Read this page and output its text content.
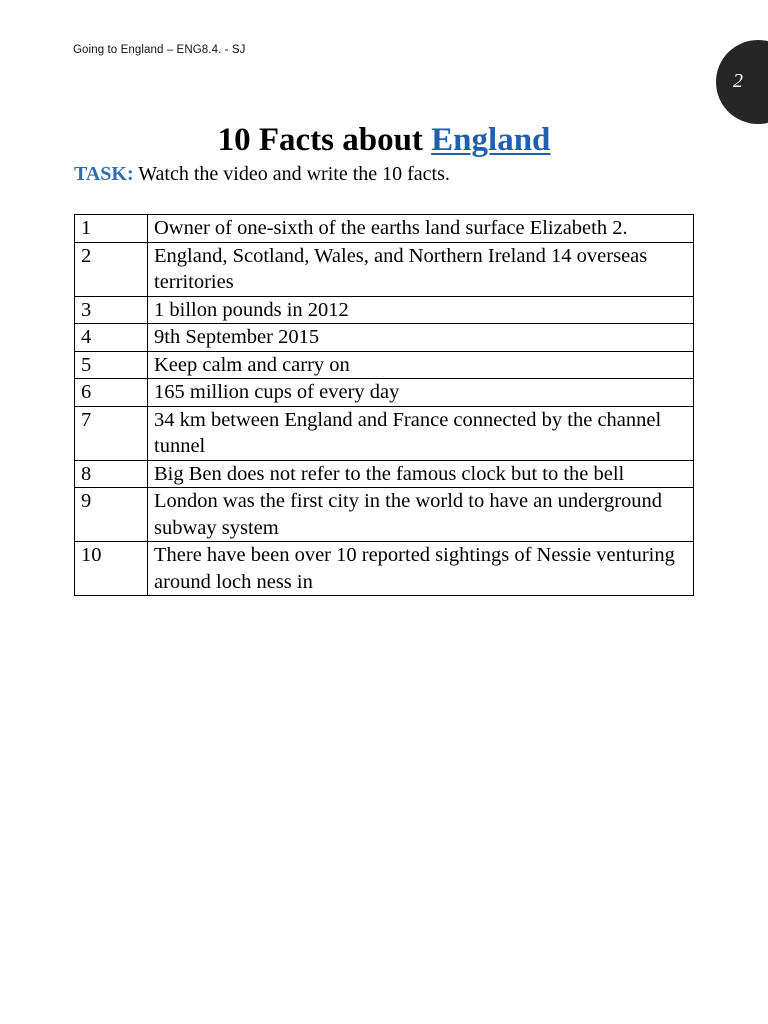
Going to England – ENG8.4. - SJ
2
10 Facts about England
TASK: Watch the video and write the 10 facts.
1	Owner of one-sixth of the earths land surface Elizabeth 2.
2	England, Scotland, Wales, and Northern Ireland 14 overseas territories
3	1 billon pounds in 2012
4	9th September 2015
5	Keep calm and carry on
6	165 million cups of every day
7	34 km between England and France connected by the channel tunnel
8	Big Ben does not refer to the famous clock but to the bell
9	London was the first city in the world to have an underground subway system
10	There have been over 10 reported sightings of Nessie venturing around loch ness in
